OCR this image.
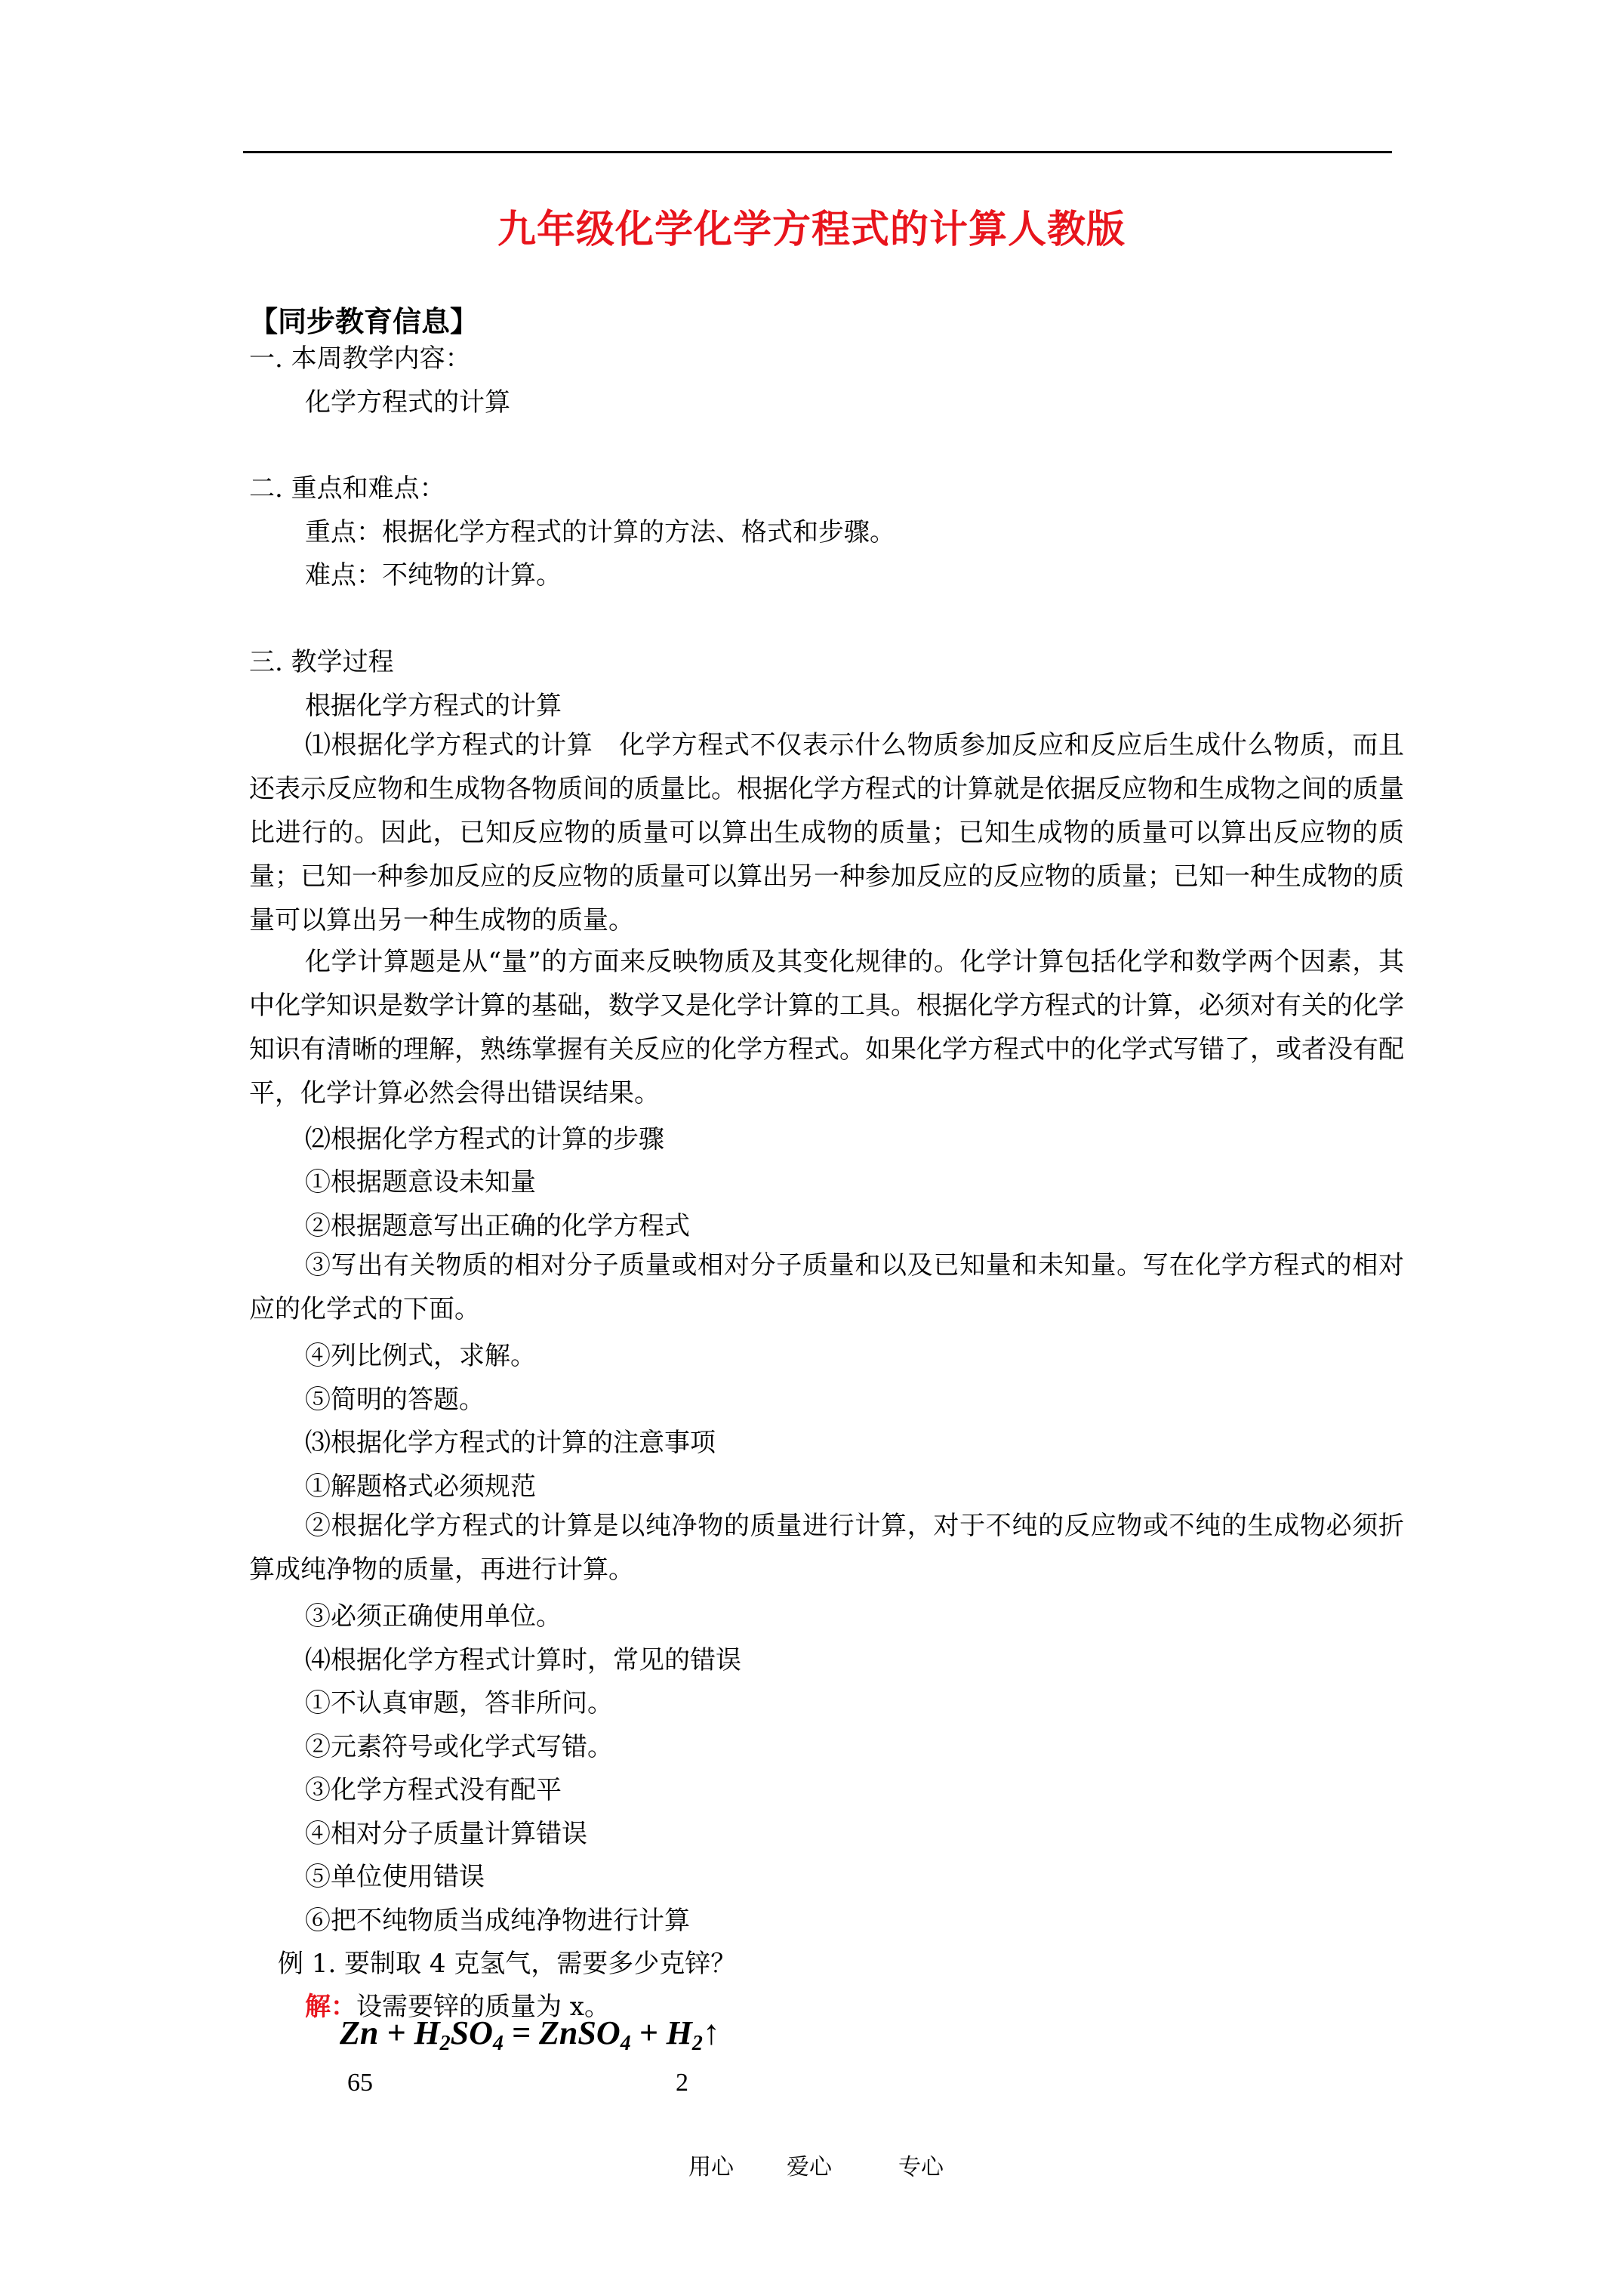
九年级化学化学方程式的计算人教版
【同步教育信息】
一. 本周教学内容：
化学方程式的计算
二. 重点和难点：
重点：根据化学方程式的计算的方法、格式和步骤。
难点：不纯物的计算。
三. 教学过程
根据化学方程式的计算
⑴根据化学方程式的计算　化学方程式不仅表示什么物质参加反应和反应后生成什么物质，而且还表示反应物和生成物各物质间的质量比。根据化学方程式的计算就是依据反应物和生成物之间的质量比进行的。因此，已知反应物的质量可以算出生成物的质量；已知生成物的质量可以算出反应物的质量；已知一种参加反应的反应物的质量可以算出另一种参加反应的反应物的质量；已知一种生成物的质量可以算出另一种生成物的质量。
化学计算题是从“量”的方面来反映物质及其变化规律的。化学计算包括化学和数学两个因素，其中化学知识是数学计算的基础，数学又是化学计算的工具。根据化学方程式的计算，必须对有关的化学知识有清晰的理解，熟练掌握有关反应的化学方程式。如果化学方程式中的化学式写错了，或者没有配平，化学计算必然会得出错误结果。
⑵根据化学方程式的计算的步骤
①根据题意设未知量
②根据题意写出正确的化学方程式
③写出有关物质的相对分子质量或相对分子质量和以及已知量和未知量。写在化学方程式的相对应的化学式的下面。
④列比例式，求解。
⑤简明的答题。
⑶根据化学方程式的计算的注意事项
①解题格式必须规范
②根据化学方程式的计算是以纯净物的质量进行计算，对于不纯的反应物或不纯的生成物必须折算成纯净物的质量，再进行计算。
③必须正确使用单位。
⑷根据化学方程式计算时，常见的错误
①不认真审题，答非所问。
②元素符号或化学式写错。
③化学方程式没有配平
④相对分子质量计算错误
⑤单位使用错误
⑥把不纯物质当成纯净物进行计算
例 1. 要制取 4 克氢气，需要多少克锌？
解：设需要锌的质量为 x。
$Zn + H_2SO_4$ = ZnSO$_4$ + $H_2↑$
65	2
用心 爱心	专心
